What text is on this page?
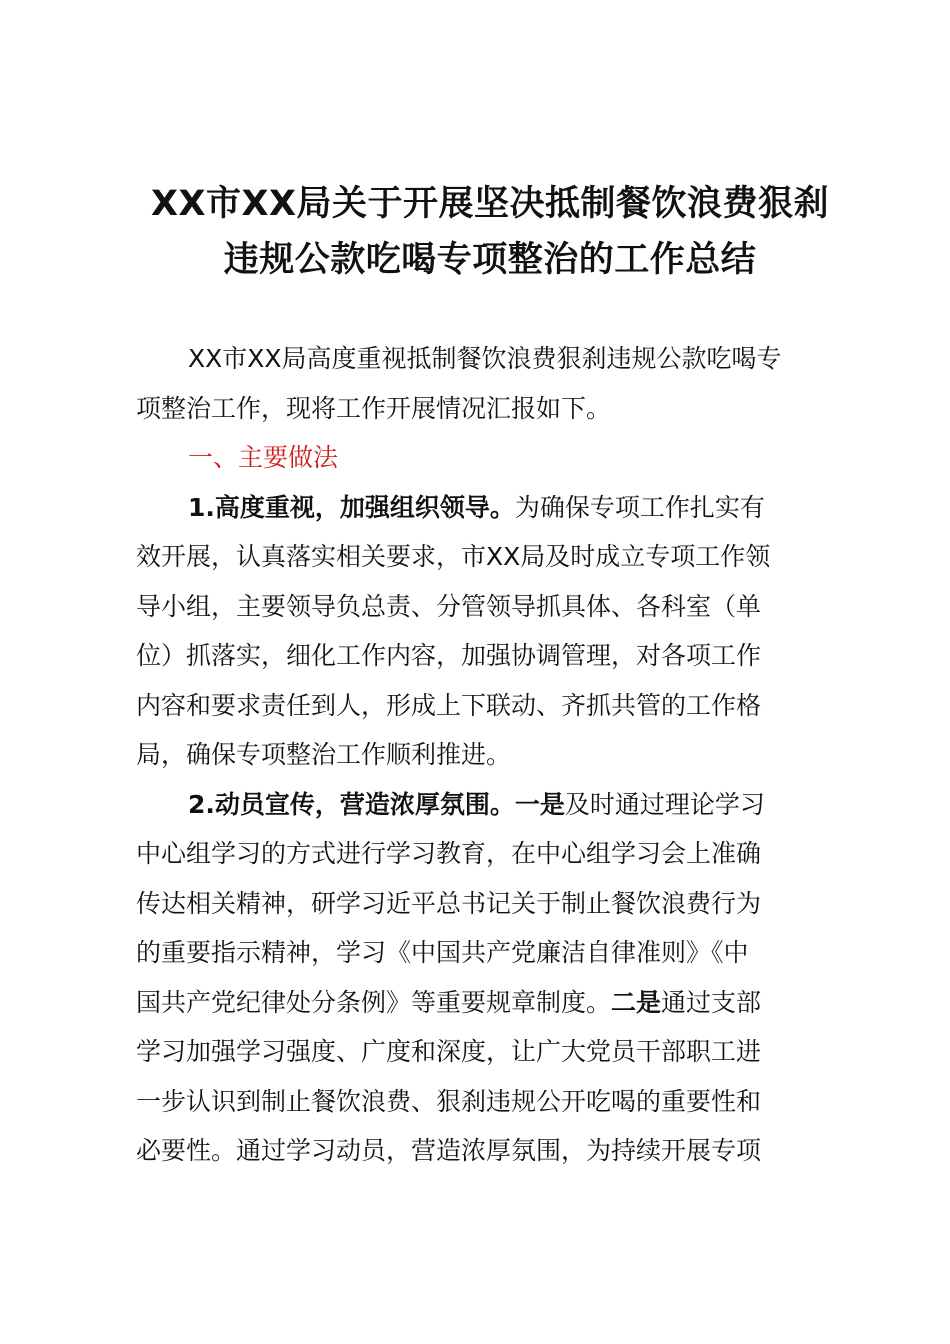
XX市XX局关于开展坚决抵制餐饮浪费狠刹
违规公款吃喝专项整治的工作总结
XX市XX局高度重视抵制餐饮浪费狠刹违规公款吃喝专
项整治工作，现将工作开展情况汇报如下。
一、主要做法
1.高度重视，加强组织领导。为确保专项工作扎实有
效开展，认真落实相关要求，市XX局及时成立专项工作领
导小组，主要领导负总责、分管领导抓具体、各科室（单
位）抓落实，细化工作内容，加强协调管理，对各项工作
内容和要求责任到人，形成上下联动、齐抓共管的工作格
局，确保专项整治工作顺利推进。
2.动员宣传，营造浓厚氛围。一是及时通过理论学习
中心组学习的方式进行学习教育，在中心组学习会上准确
传达相关精神，研学习近平总书记关于制止餐饮浪费行为
的重要指示精神，学习《中国共产党廉洁自律准则》《中
国共产党纪律处分条例》等重要规章制度。二是通过支部
学习加强学习强度、广度和深度，让广大党员干部职工进
一步认识到制止餐饮浪费、狠刹违规公开吃喝的重要性和
必要性。通过学习动员，营造浓厚氛围，为持续开展专项
